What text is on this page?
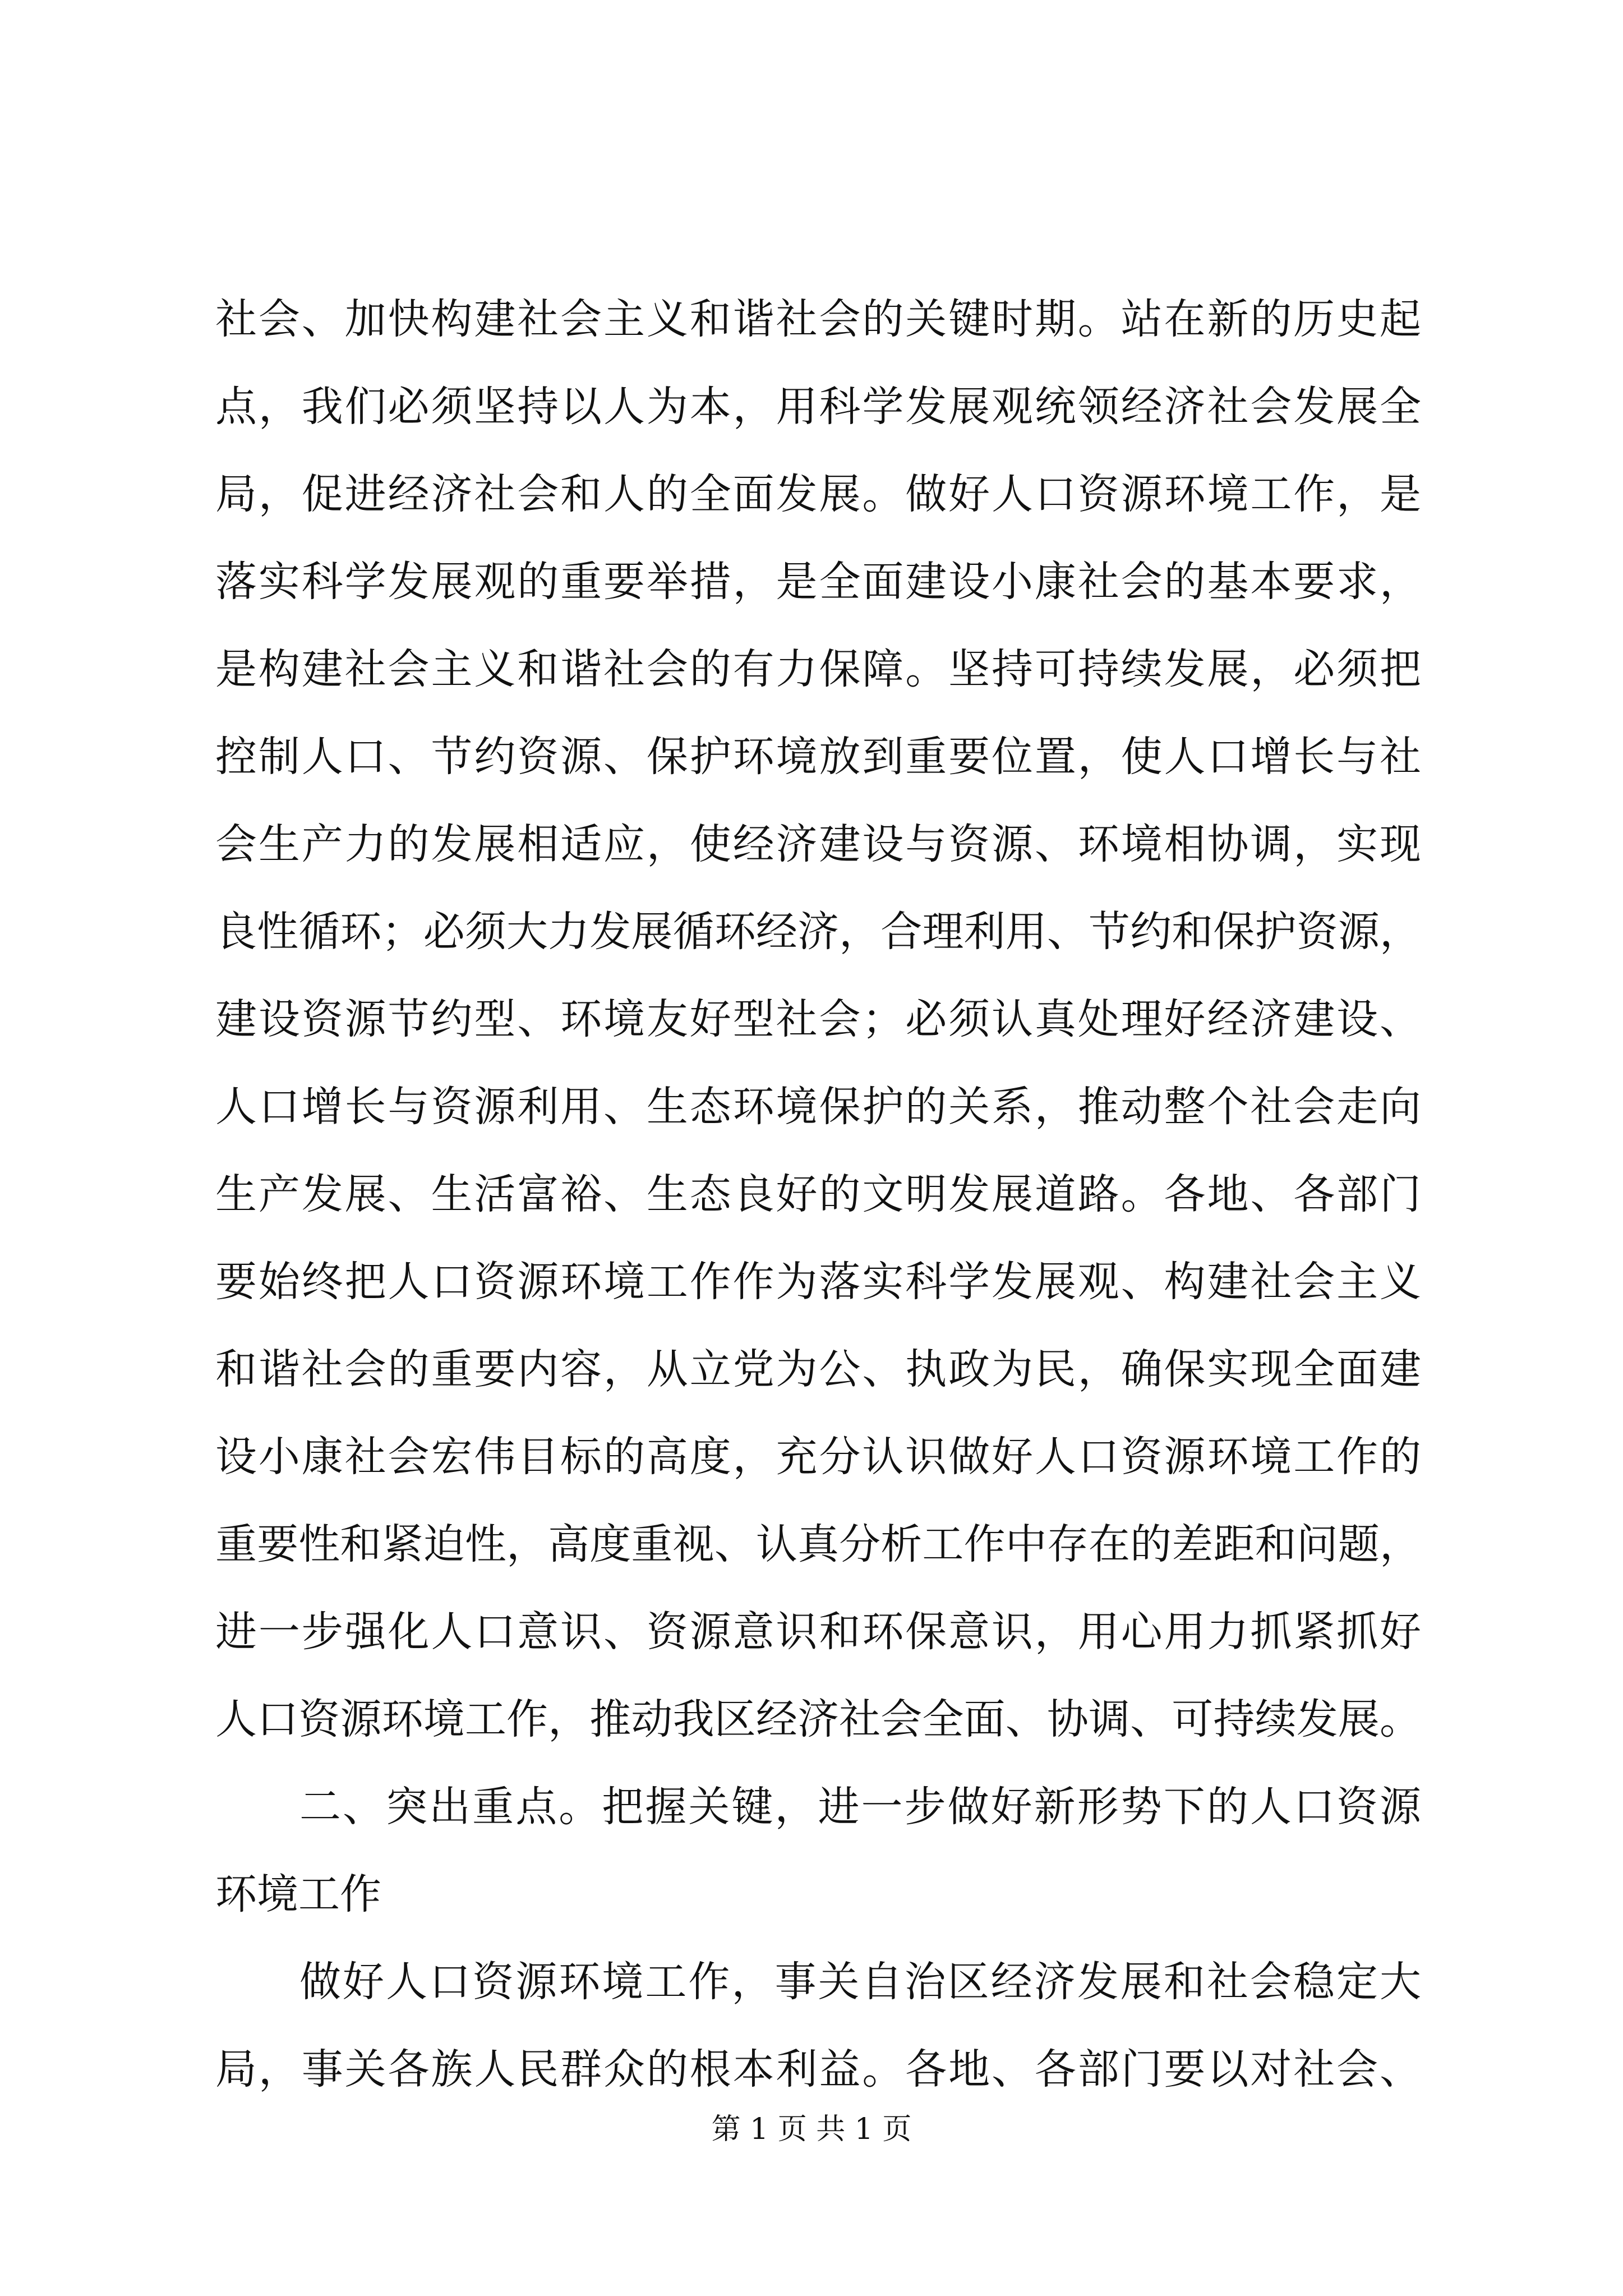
社会、加快构建社会主义和谐社会的关键时期。站在新的历史起
点，我们必须坚持以人为本，用科学发展观统领经济社会发展全
局，促进经济社会和人的全面发展。做好人口资源环境工作，是
落实科学发展观的重要举措，是全面建设小康社会的基本要求，
是构建社会主义和谐社会的有力保障。坚持可持续发展，必须把
控制人口、节约资源、保护环境放到重要位置，使人口增长与社
会生产力的发展相适应，使经济建设与资源、环境相协调，实现
良性循环；必须大力发展循环经济，合理利用、节约和保护资源，
建设资源节约型、环境友好型社会；必须认真处理好经济建设、
人口增长与资源利用、生态环境保护的关系，推动整个社会走向
生产发展、生活富裕、生态良好的文明发展道路。各地、各部门
要始终把人口资源环境工作作为落实科学发展观、构建社会主义
和谐社会的重要内容，从立党为公、执政为民，确保实现全面建
设小康社会宏伟目标的高度，充分认识做好人口资源环境工作的
重要性和紧迫性，高度重视、认真分析工作中存在的差距和问题，
进一步强化人口意识、资源意识和环保意识，用心用力抓紧抓好
人口资源环境工作，推动我区经济社会全面、协调、可持续发展。
二、突出重点。把握关键，进一步做好新形势下的人口资源
环境工作
做好人口资源环境工作，事关自治区经济发展和社会稳定大
局，事关各族人民群众的根本利益。各地、各部门要以对社会、
第 1 页 共 1 页
